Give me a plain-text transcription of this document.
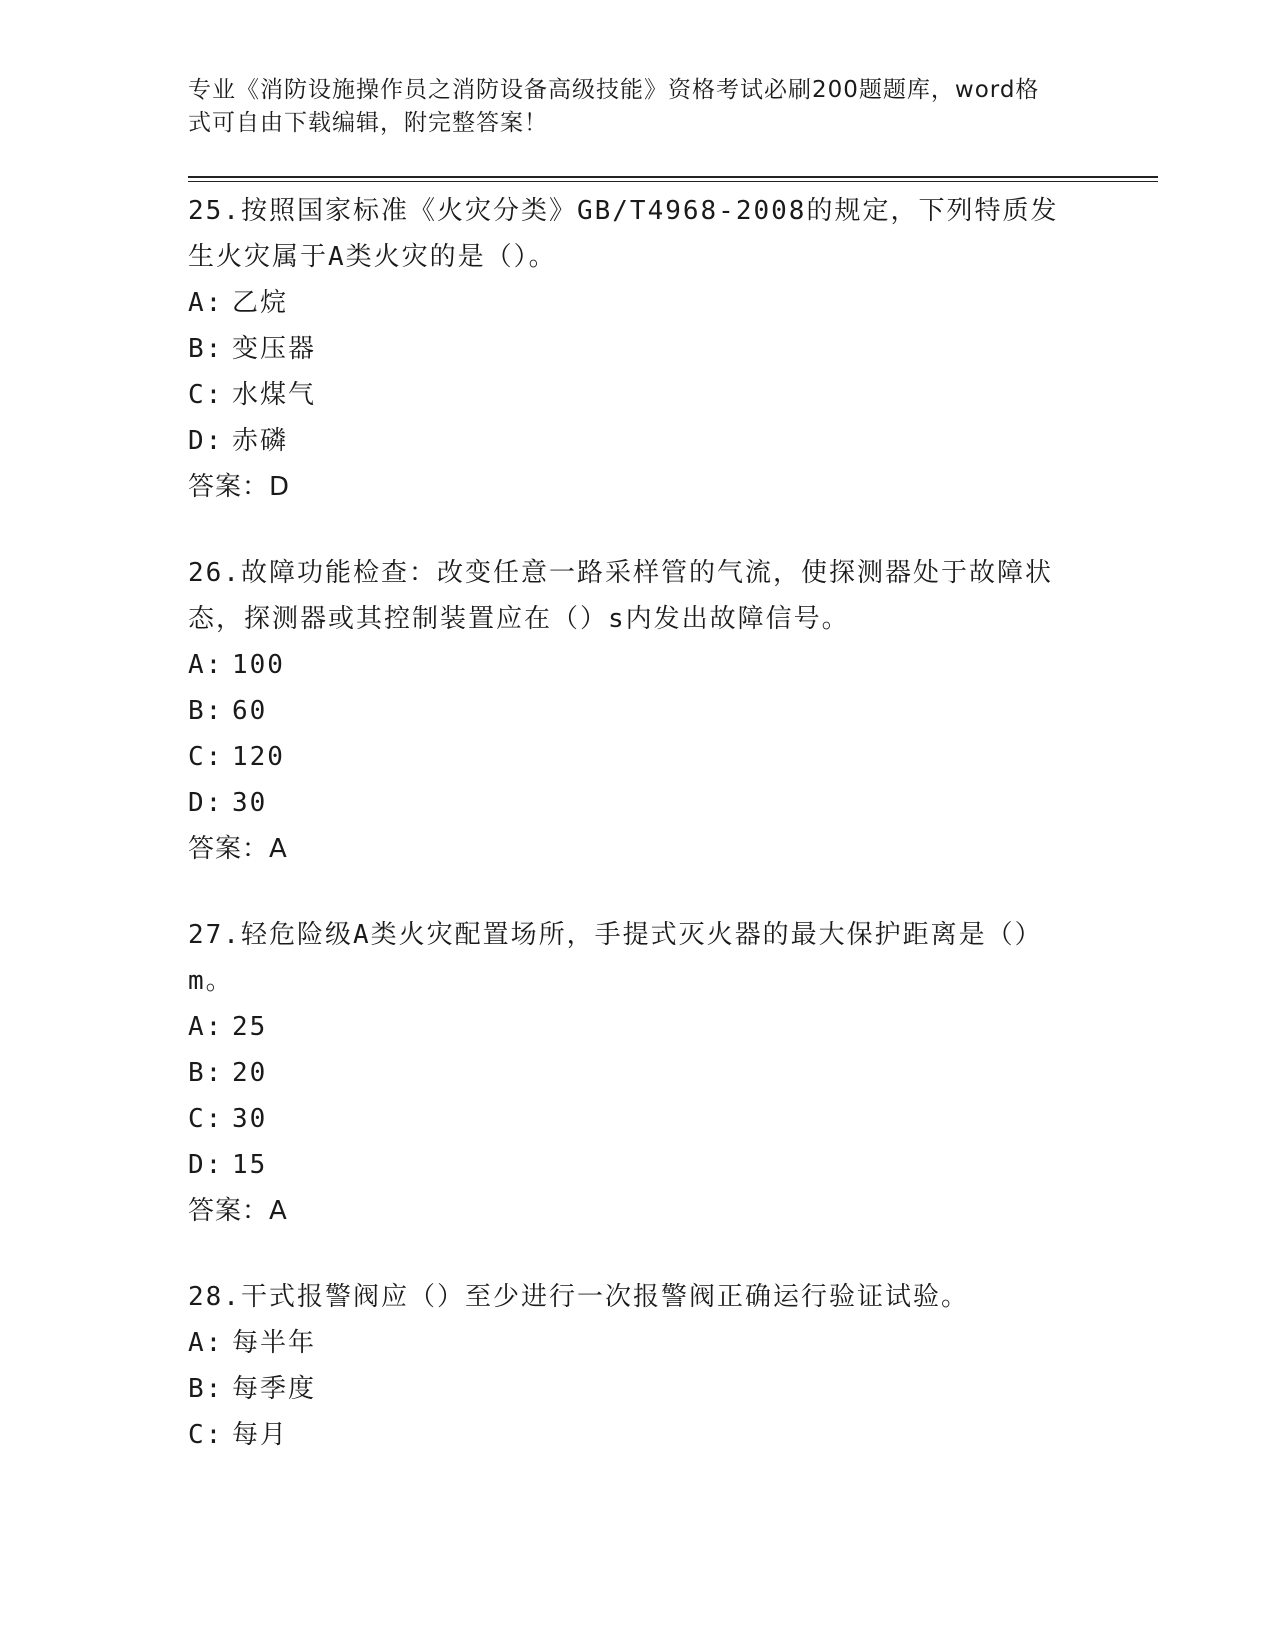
专业《消防设施操作员之消防设备高级技能》资格考试必刷200题题库，word格
式可自由下载编辑，附完整答案！
25.按照国家标准《火灾分类》GB/T4968-2008的规定，下列特质发生火灾属于A类火灾的是（）。
A: 乙烷
B: 变压器
C: 水煤气
D: 赤磷
答案：D
26.故障功能检查：改变任意一路采样管的气流，使探测器处于故障状态，探测器或其控制装置应在（）s内发出故障信号。
A: 100
B: 60
C: 120
D: 30
答案：A
27.轻危险级A类火灾配置场所，手提式灭火器的最大保护距离是（）m。
A: 25
B: 20
C: 30
D: 15
答案：A
28.干式报警阀应（）至少进行一次报警阀正确运行验证试验。
A: 每半年
B: 每季度
C: 每月
